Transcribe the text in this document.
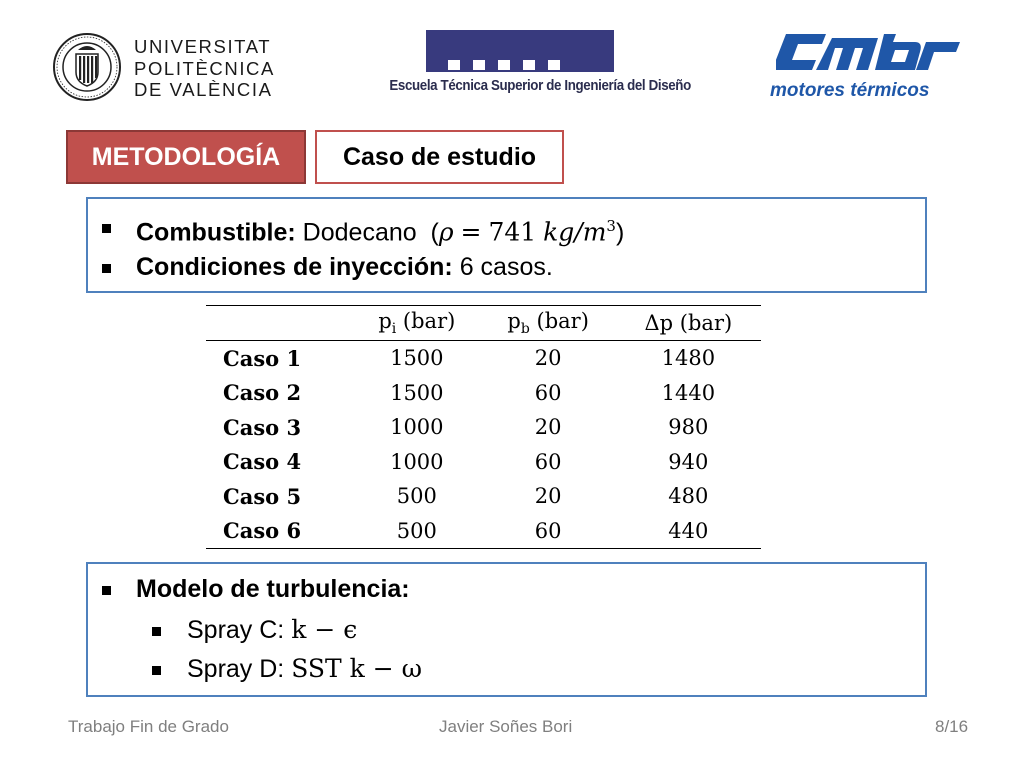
UNIVERSITAT
POLITÈCNICA
DE VALÈNCIA	Escuela Técnica Superior de Ingeniería del Diseño	motores térmicos
METODOLOGÍA	Caso de estudio
Combustible: Dodecano  (ρ = 741 $kg/m^3$)
Condiciones de inyección: 6 casos.
	$p_i$ (bar)	$p_b$ (bar)	Δp (bar)
Caso 1	1500	20	1480
Caso 2	1500	60	1440
Caso 3	1000	20	980
Caso 4	1000	60	940
Caso 5	500	20	480
Caso 6	500	60	440
Modelo de turbulencia:
Spray C: k − ϵ
Spray D: SST k − ω
Trabajo Fin de Grado	Javier Soñes Bori	8/16
